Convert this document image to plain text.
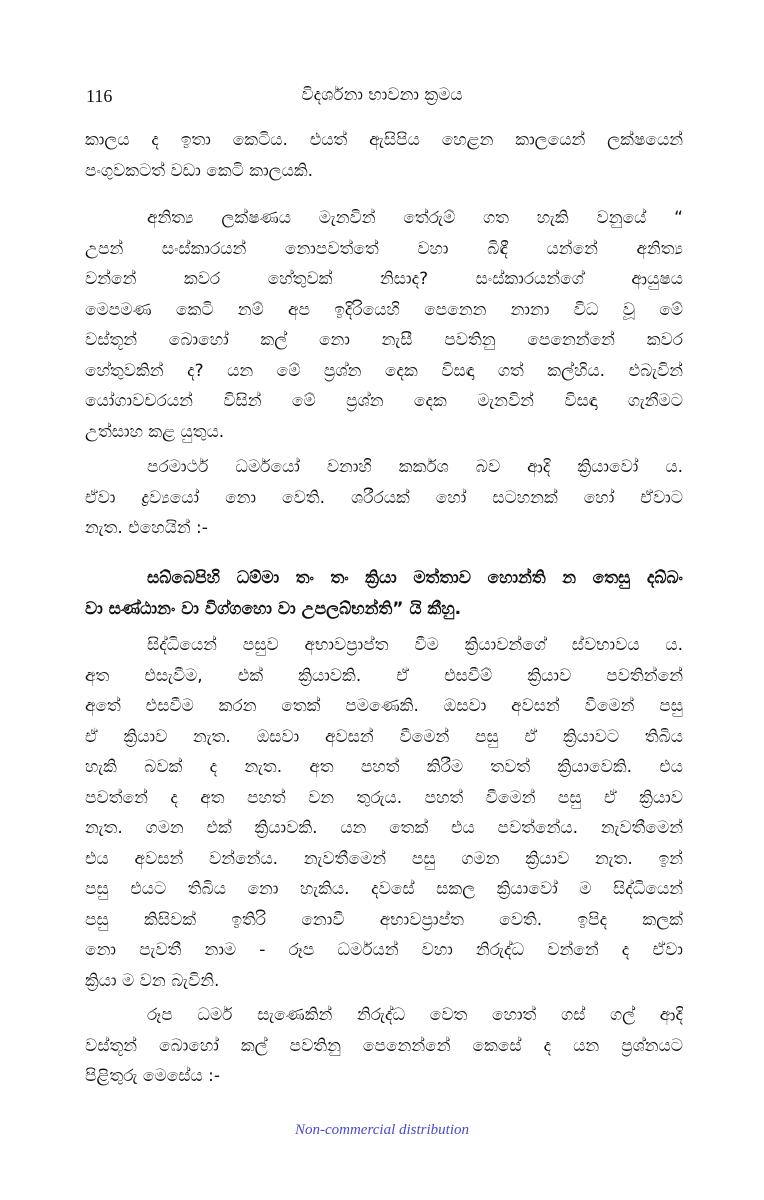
116	විදර්ශනා භාවනා ක්‍රමය
කාලය ද ඉතා කෙටිය. එයත් ඇසිපිය හෙළන කාලයෙන් ලක්ෂයෙන්
පංගුවකටත් වඩා කෙටි කාලයකි.
අනිත්‍ය ලක්ෂණය මැනවින් තේරුම් ගත හැකි වනුයේ “
උපන් සංස්කාරයන් නොපවත්තේ වහා බිඳී යන්නේ අනිත්‍ය
වන්නේ කවර හේතුවක් නිසාද? සංස්කාරයන්ගේ ආයුෂය
මෙපමණ කෙටි නම් අප ඉදිරියෙහි පෙනෙන නානා විධ වූ මේ
වස්තූන් බොහෝ කල් නො නැසී පවතිනු පෙනෙන්නේ කවර
හේතුවකින් ද? යන මේ ප්‍රශ්න දෙක විසඳා ගත් කල්හිය. එබැවින්
යෝගාවචරයන් විසින් මේ ප්‍රශ්න දෙක මැනවින් විසඳා ගැනීමට
උත්සාහ කළ යුතුය.
පරමාර්ථ ධර්මයෝ වනාහි කර්කශ බව ආදි ක්‍රියාවෝ ය.
ඒවා ද්‍රව්‍යයෝ නො වෙති. ශරීරයක් හෝ සටහනක් හෝ ඒවාට
නැත. එහෙයින් :-
සබ්බෙපිහි ධම්මා තං තං ක්‍රියා මත්තාව හොන්ති න තෙසු දබ්බං
වා සණ්ඨානං වා විග්ගහො වා උපලබ්භන්ති” යි කීහු.
සිද්ධියෙන් පසුව අභාවප්‍රාප්ත වීම ක්‍රියාවන්ගේ ස්වභාවය ය.
අත එසැවීම, එක් ක්‍රියාවකි. ඒ එසවීම් ක්‍රියාව පවතින්නේ
අතේ එසවීම කරන තෙක් පමණෙකි. ඔසවා අවසන් වීමෙන් පසු
ඒ ක්‍රියාව නැත. ඔසවා අවසන් වීමෙන් පසු ඒ ක්‍රියාවට තිබිය
හැකි බවක් ද නැත. අත පහත් කිරීම තවත් ක්‍රියාවෙකි. එය
පවත්නේ ද අත පහත් වන තුරුය. පහත් වීමෙන් පසු ඒ ක්‍රියාව
නැත. ගමන එක් ක්‍රියාවකි. යන තෙක් එය පවත්නේය. නැවතීමෙන්
එය අවසන් වන්නේය. නැවතීමෙන් පසු ගමන ක්‍රියාව නැත. ඉන්
පසු එයට තිබිය නො හැකිය. දවසේ සකල ක්‍රියාවෝ ම සිද්ධියෙන්
පසු කිසිවක් ඉතිරි නොවී අභාවප්‍රාප්ත වෙති. ඉපිද කලක්
නො පැවතී නාම - රූප ධර්මයන් වහා නිරුද්ධ වන්නේ ද ඒවා
ක්‍රියා ම වන බැවිනි.
රූප ධර්ම සැණෙකින් නිරුද්ධ වෙත හොත් ගස් ගල් ආදි
වස්තූන් බොහෝ කල් පවතිනු පෙනෙන්නේ කෙසේ ද යන ප්‍රශ්නයට
පිළිතුරු මෙසේය :-
Non-commercial distribution
